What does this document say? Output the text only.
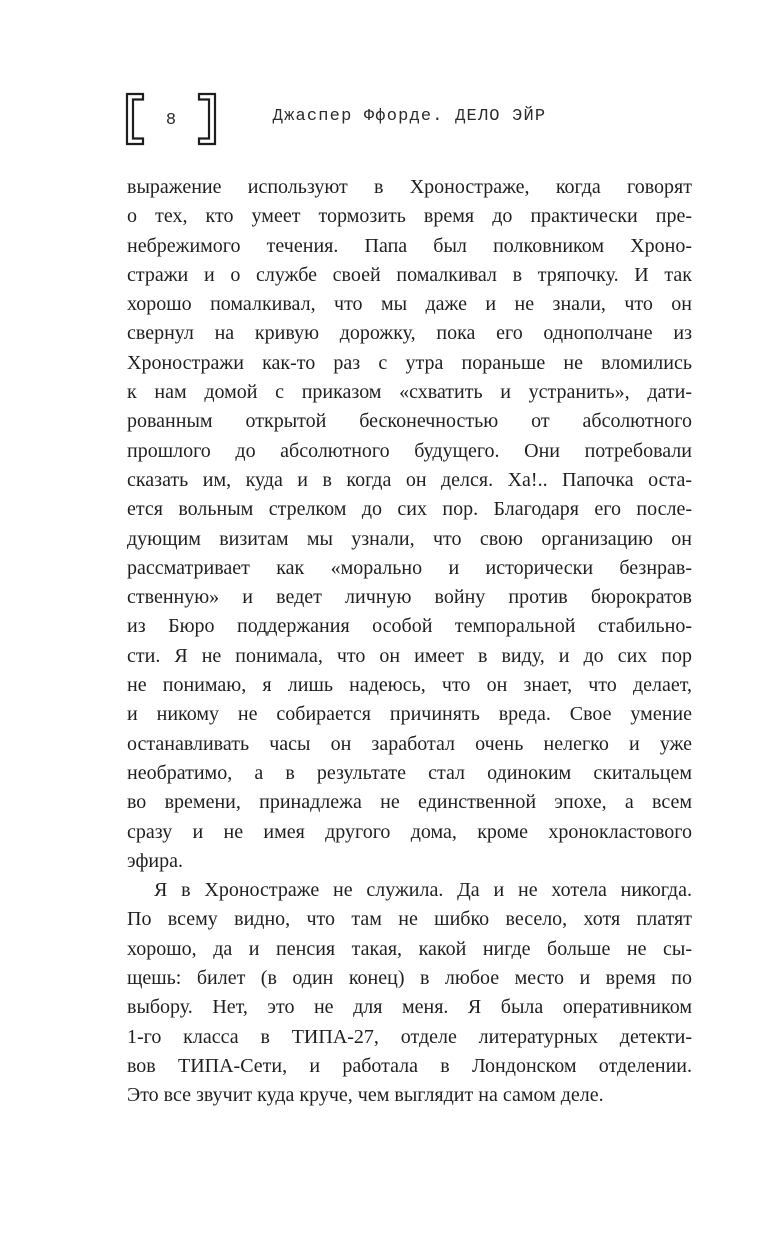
8	Джаспер Ффорде. ДЕЛО ЭЙР
выражение используют в Хроностраже, когда говорят
о тех, кто умеет тормозить время до практически пре-
небрежимого течения. Папа был полковником Хроно-
стражи и о службе своей помалкивал в тряпочку. И так
хорошо помалкивал, что мы даже и не знали, что он
свернул на кривую дорожку, пока его однополчане из
Хроностражи как-то раз с утра пораньше не вломились
к нам домой с приказом «схватить и устранить», дати-
рованным открытой бесконечностью от абсолютного
прошлого до абсолютного будущего. Они потребовали
сказать им, куда и в когда он делся. Ха!.. Папочка оста-
ется вольным стрелком до сих пор. Благодаря его после-
дующим визитам мы узнали, что свою организацию он
рассматривает как «морально и исторически безнрав-
ственную» и ведет личную войну против бюрократов
из Бюро поддержания особой темпоральной стабильно-
сти. Я не понимала, что он имеет в виду, и до сих пор
не понимаю, я лишь надеюсь, что он знает, что делает,
и никому не собирается причинять вреда. Свое умение
останавливать часы он заработал очень нелегко и уже
необратимо, а в результате стал одиноким скитальцем
во времени, принадлежа не единственной эпохе, а всем
сразу и не имея другого дома, кроме хронокластового
эфира.
Я в Хроностраже не служила. Да и не хотела никогда.
По всему видно, что там не шибко весело, хотя платят
хорошо, да и пенсия такая, какой нигде больше не сы-
щешь: билет (в один конец) в любое место и время по
выбору. Нет, это не для меня. Я была оперативником
1-го класса в ТИПА-27, отделе литературных детекти-
вов ТИПА-Сети, и работала в Лондонском отделении.
Это все звучит куда круче, чем выглядит на самом деле.
